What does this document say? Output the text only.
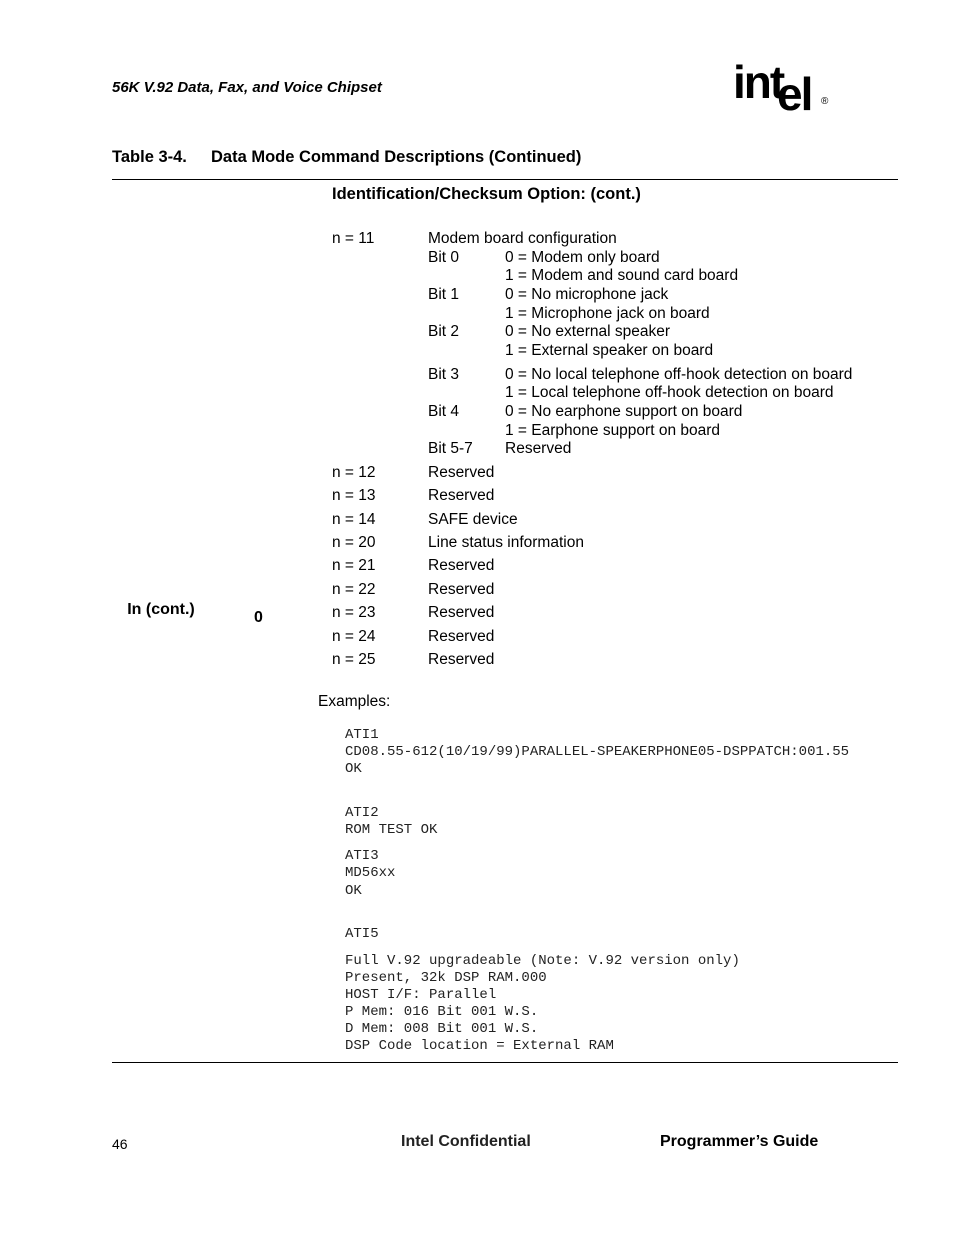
56K V.92 Data, Fax, and Voice Chipset	int
el ®
Table 3-4. Data Mode Command Descriptions (Continued)
Identification/Checksum Option: (cont.)
In (cont.)	0
n = 11	Modem board configuration
Bit 0	0 = Modem only board
1 = Modem and sound card board
Bit 1	0 = No microphone jack
1 = Microphone jack on board
Bit 2	0 = No external speaker
1 = External speaker on board
Bit 3	0 = No local telephone off-hook detection on board
1 = Local telephone off-hook detection on board
Bit 4	0 = No earphone support on board
1 = Earphone support on board
Bit 5-7 Reserved
n = 12	Reserved
n = 13	Reserved
n = 14	SAFE device
n = 20	Line status information
n = 21	Reserved
n = 22	Reserved
n = 23	Reserved
n = 24	Reserved
n = 25	Reserved
Examples:
ATI1
CD08.55-612(10/19/99)PARALLEL-SPEAKERPHONE05-DSPPATCH:001.55
OK
ATI2
ROM TEST OK
ATI3
MD56xx
OK
ATI5
Full V.92 upgradeable (Note: V.92 version only)
Present, 32k DSP RAM.000
HOST I/F: Parallel
P Mem: 016 Bit 001 W.S.
D Mem: 008 Bit 001 W.S.
DSP Code location = External RAM
46	Intel Confidential	Programmer’s Guide
